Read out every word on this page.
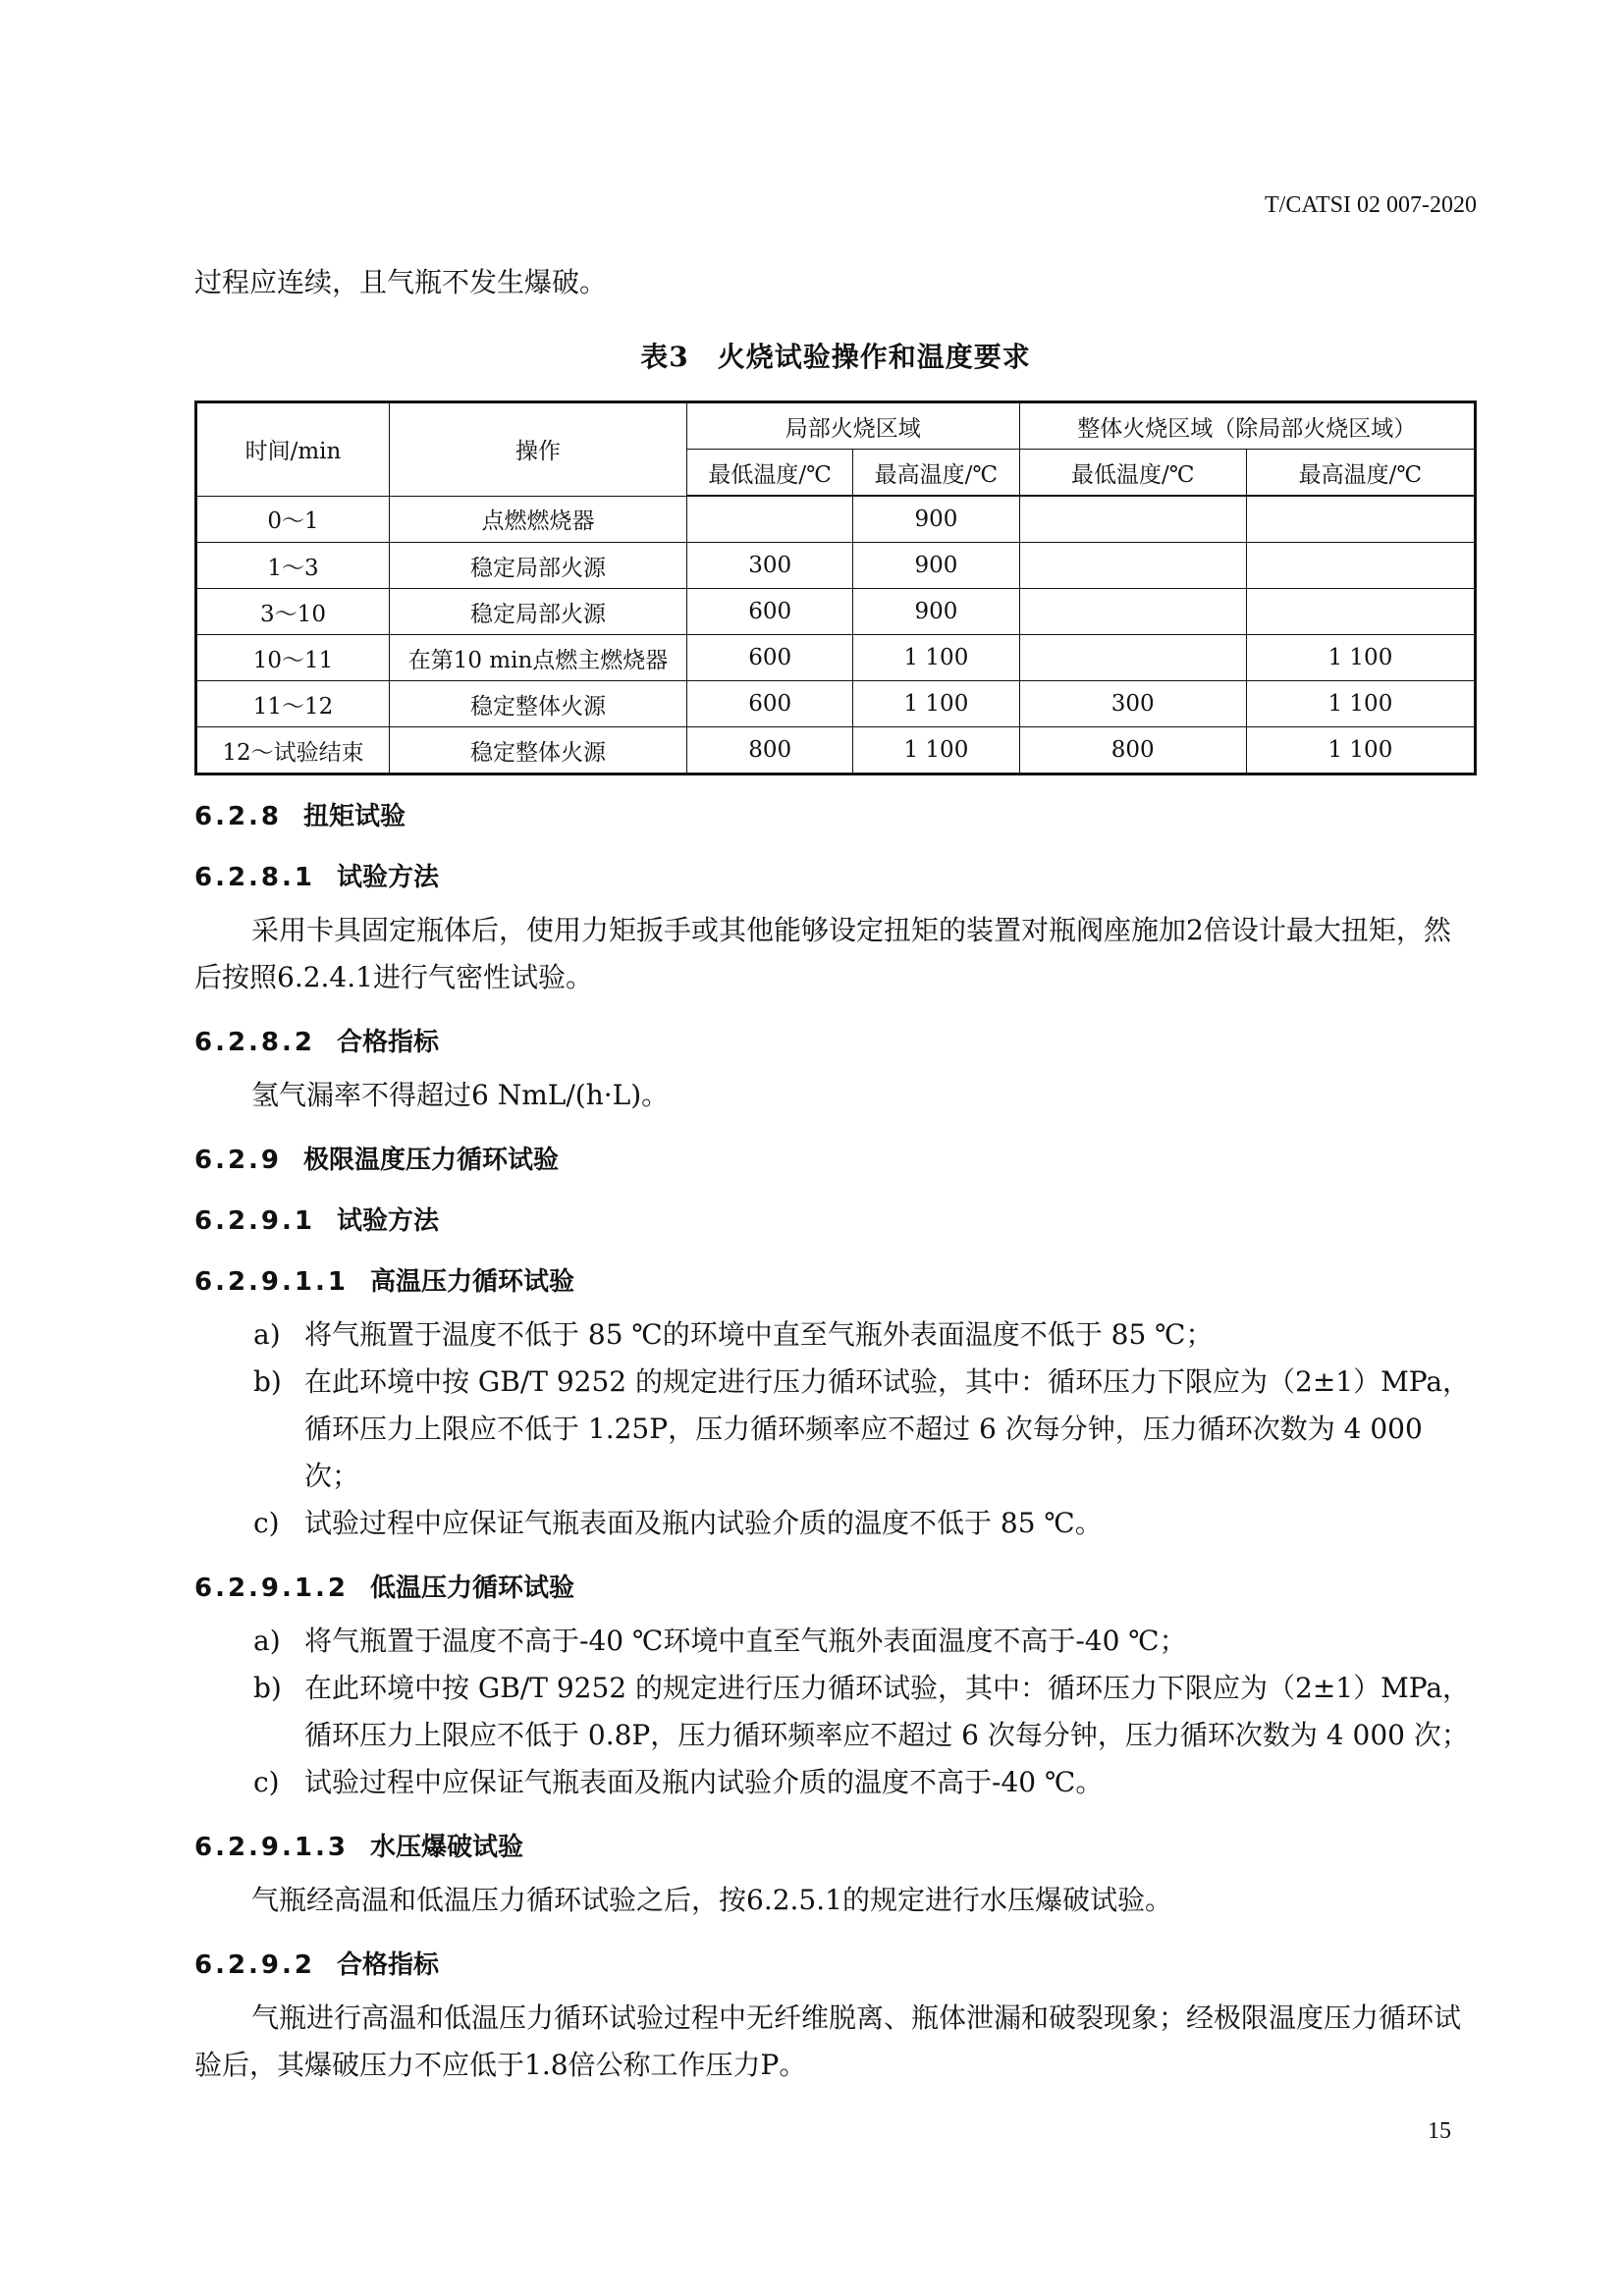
T/CATSI 02 007-2020

过程应连续，且气瓶不发生爆破。

表3　火烧试验操作和温度要求

时间/min	操作	局部火烧区域		整体火烧区域（除局部火烧区域）	
		最低温度/℃	最高温度/℃	最低温度/℃	最高温度/℃
0～1	点燃燃烧器		900		
1～3	稳定局部火源	300	900		
3～10	稳定局部火源	600	900		
10～11	在第10 min点燃主燃烧器	600	1 100		1 100
11～12	稳定整体火源	600	1 100	300	1 100
12～试验结束	稳定整体火源	800	1 100	800	1 100
6.2.8 扭矩试验
6.2.8.1 试验方法

采用卡具固定瓶体后，使用力矩扳手或其他能够设定扭矩的装置对瓶阀座施加2倍设计最大扭矩，然后按照6.2.4.1进行气密性试验。

6.2.8.2 合格指标

氢气漏率不得超过6 NmL/(h·L)。

6.2.9 极限温度压力循环试验
6.2.9.1 试验方法
6.2.9.1.1 高温压力循环试验
a) 将气瓶置于温度不低于 85 ℃的环境中直至气瓶外表面温度不低于 85 ℃；
b) 在此环境中按 GB/T 9252 的规定进行压力循环试验，其中：循环压力下限应为（2±1）MPa，循环压力上限应不低于 1.25P，压力循环频率应不超过 6 次每分钟，压力循环次数为 4 000 次；
c) 试验过程中应保证气瓶表面及瓶内试验介质的温度不低于 85 ℃。
6.2.9.1.2 低温压力循环试验
a) 将气瓶置于温度不高于-40 ℃环境中直至气瓶外表面温度不高于-40 ℃；
b) 在此环境中按 GB/T 9252 的规定进行压力循环试验，其中：循环压力下限应为（2±1）MPa，循环压力上限应不低于 0.8P，压力循环频率应不超过 6 次每分钟，压力循环次数为 4 000 次；
c) 试验过程中应保证气瓶表面及瓶内试验介质的温度不高于-40 ℃。
6.2.9.1.3 水压爆破试验

气瓶经高温和低温压力循环试验之后，按6.2.5.1的规定进行水压爆破试验。

6.2.9.2 合格指标

气瓶进行高温和低温压力循环试验过程中无纤维脱离、瓶体泄漏和破裂现象；经极限温度压力循环试验后，其爆破压力不应低于1.8倍公称工作压力P。

15
